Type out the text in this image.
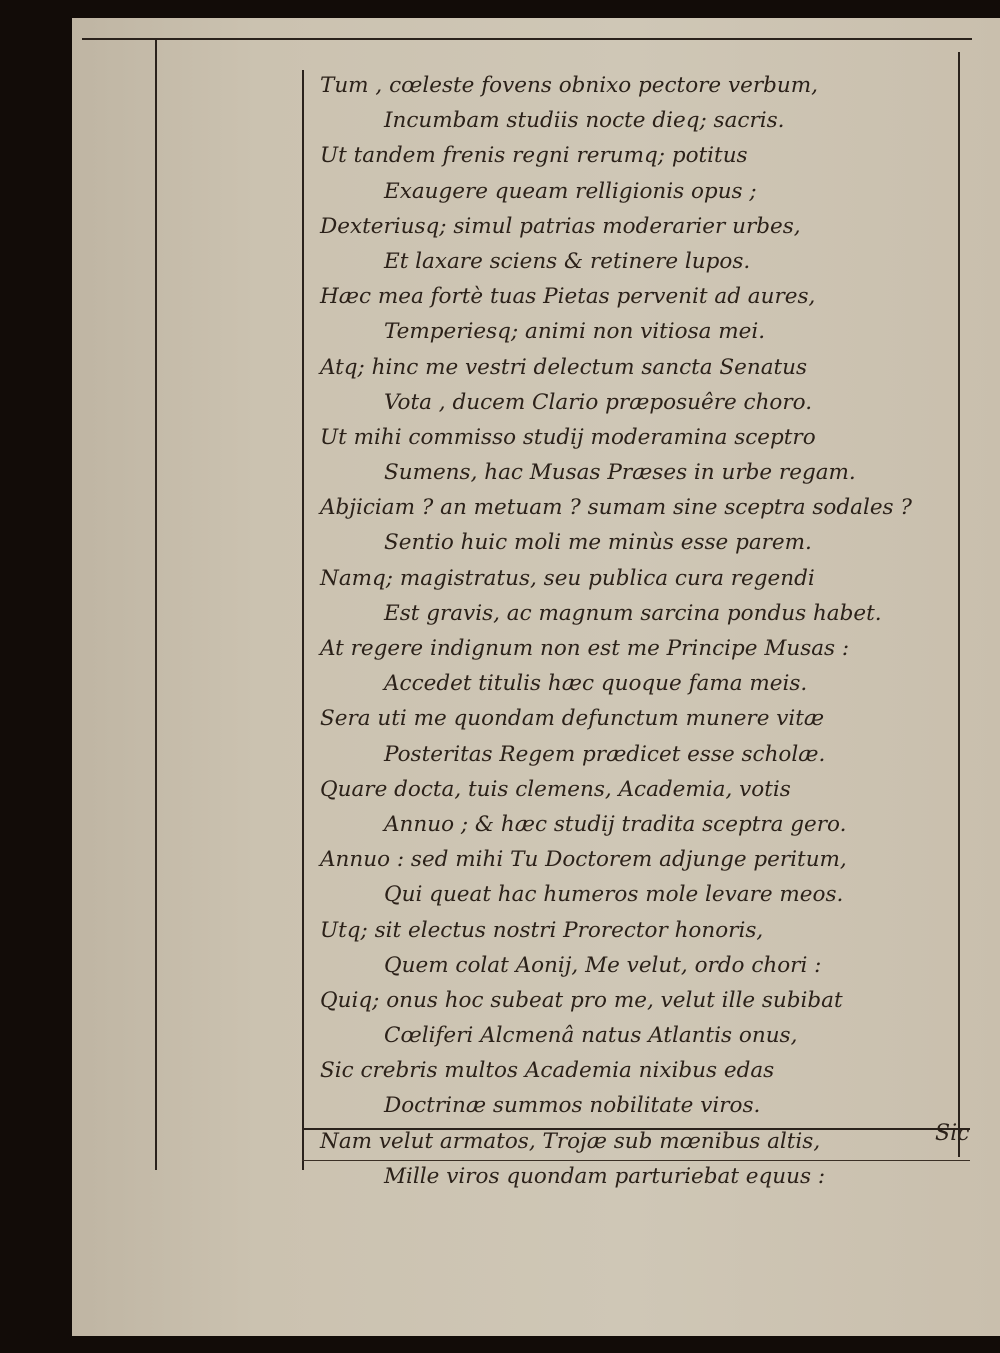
Tum , cœleste fovens obnixo pectore verbum,
Incumbam studiis nocte dieq; sacris.
Ut tandem frenis regni rerumq; potitus
Exaugere queam relligionis opus ;
Dexteriusq; simul patrias moderarier urbes,
Et laxare sciens & retinere lupos.
Hæc mea fortè tuas Pietas pervenit ad aures,
Temperiesq; animi non vitiosa mei.
Atq; hinc me vestri delectum sancta Senatus
Vota , ducem Clario præposuêre choro.
Ut mihi commisso studij moderamina sceptro
Sumens, hac Musas Præses in urbe regam.
Abjiciam ? an metuam ? sumam sine sceptra sodales ?
Sentio huic moli me minùs esse parem.
Namq; magistratus, seu publica cura regendi
Est gravis, ac magnum sarcina pondus habet.
At regere indignum non est me Principe Musas :
Accedet titulis hæc quoque fama meis.
Sera uti me quondam defunctum munere vitæ
Posteritas Regem prædicet esse scholæ.
Quare docta, tuis clemens, Academia, votis
Annuo ; & hæc studij tradita sceptra gero.
Annuo : sed mihi Tu Doctorem adjunge peritum,
Qui queat hac humeros mole levare meos.
Utq; sit electus nostri Prorector honoris,
Quem colat Aonij, Me velut, ordo chori :
Quiq; onus hoc subeat pro me, velut ille subibat
Cœliferi Alcmenâ natus Atlantis onus,
Sic crebris multos Academia nixibus edas
Doctrinæ summos nobilitate viros.
Nam velut armatos, Trojæ sub mœnibus altis,
Mille viros quondam parturiebat equus :
Sic
